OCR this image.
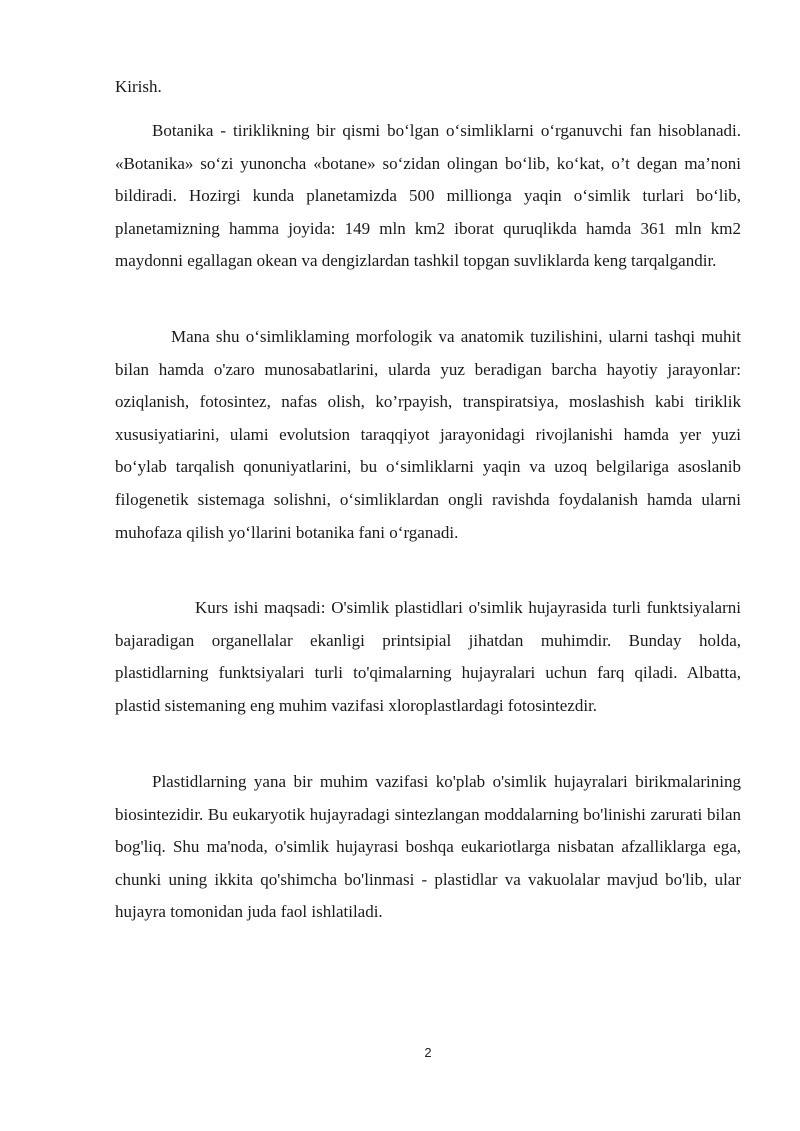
Kirish.

Botanika - tiriklikning bir qismi bo‘lgan o‘simliklarni o‘rganuvchi fan hisoblanadi. «Botanika» so‘zi yunoncha «botane» so‘zidan olingan bo‘lib, ko‘kat, o’t degan ma’noni bildiradi. Hozirgi kunda planetamizda 500 millionga yaqin o‘simlik turlari bo‘lib, planetamizning hamma joyida: 149 mln km2 iborat quruqlikda hamda 361 mln km2 maydonni egallagan okean va dengizlardan tashkil topgan suvliklarda keng tarqalgandir.

Mana shu o‘simliklaming morfologik va anatomik tuzilishini, ularni tashqi muhit bilan hamda o'zaro munosabatlarini, ularda yuz beradigan barcha hayotiy jarayonlar: oziqlanish, fotosintez, nafas olish, ko’rpayish, transpiratsiya, moslashish kabi tiriklik xususiyatiarini, ulami evolutsion taraqqiyot jarayonidagi rivojlanishi hamda yer yuzi bo‘ylab tarqalish qonuniyatlarini, bu o‘simliklarni yaqin va uzoq belgilariga asoslanib filogenetik sistemaga solishni, o‘simliklardan ongli ravishda foydalanish hamda ularni muhofaza qilish yo‘llarini botanika fani o‘rganadi.

Kurs ishi maqsadi: O'simlik plastidlari o'simlik hujayrasida turli funktsiyalarni bajaradigan organellalar ekanligi printsipial jihatdan muhimdir. Bunday holda, plastidlarning funktsiyalari turli to'qimalarning hujayralari uchun farq qiladi. Albatta, plastid sistemaning eng muhim vazifasi xloroplastlardagi fotosintezdir.

Plastidlarning yana bir muhim vazifasi ko'plab o'simlik hujayralari birikmalarining biosintezidir. Bu eukaryotik hujayradagi sintezlangan moddalarning bo'linishi zarurati bilan bog'liq. Shu ma'noda, o'simlik hujayrasi boshqa eukariotlarga nisbatan afzalliklarga ega, chunki uning ikkita qo'shimcha bo'linmasi - plastidlar va vakuolalar mavjud bo'lib, ular hujayra tomonidan juda faol ishlatiladi.

2
